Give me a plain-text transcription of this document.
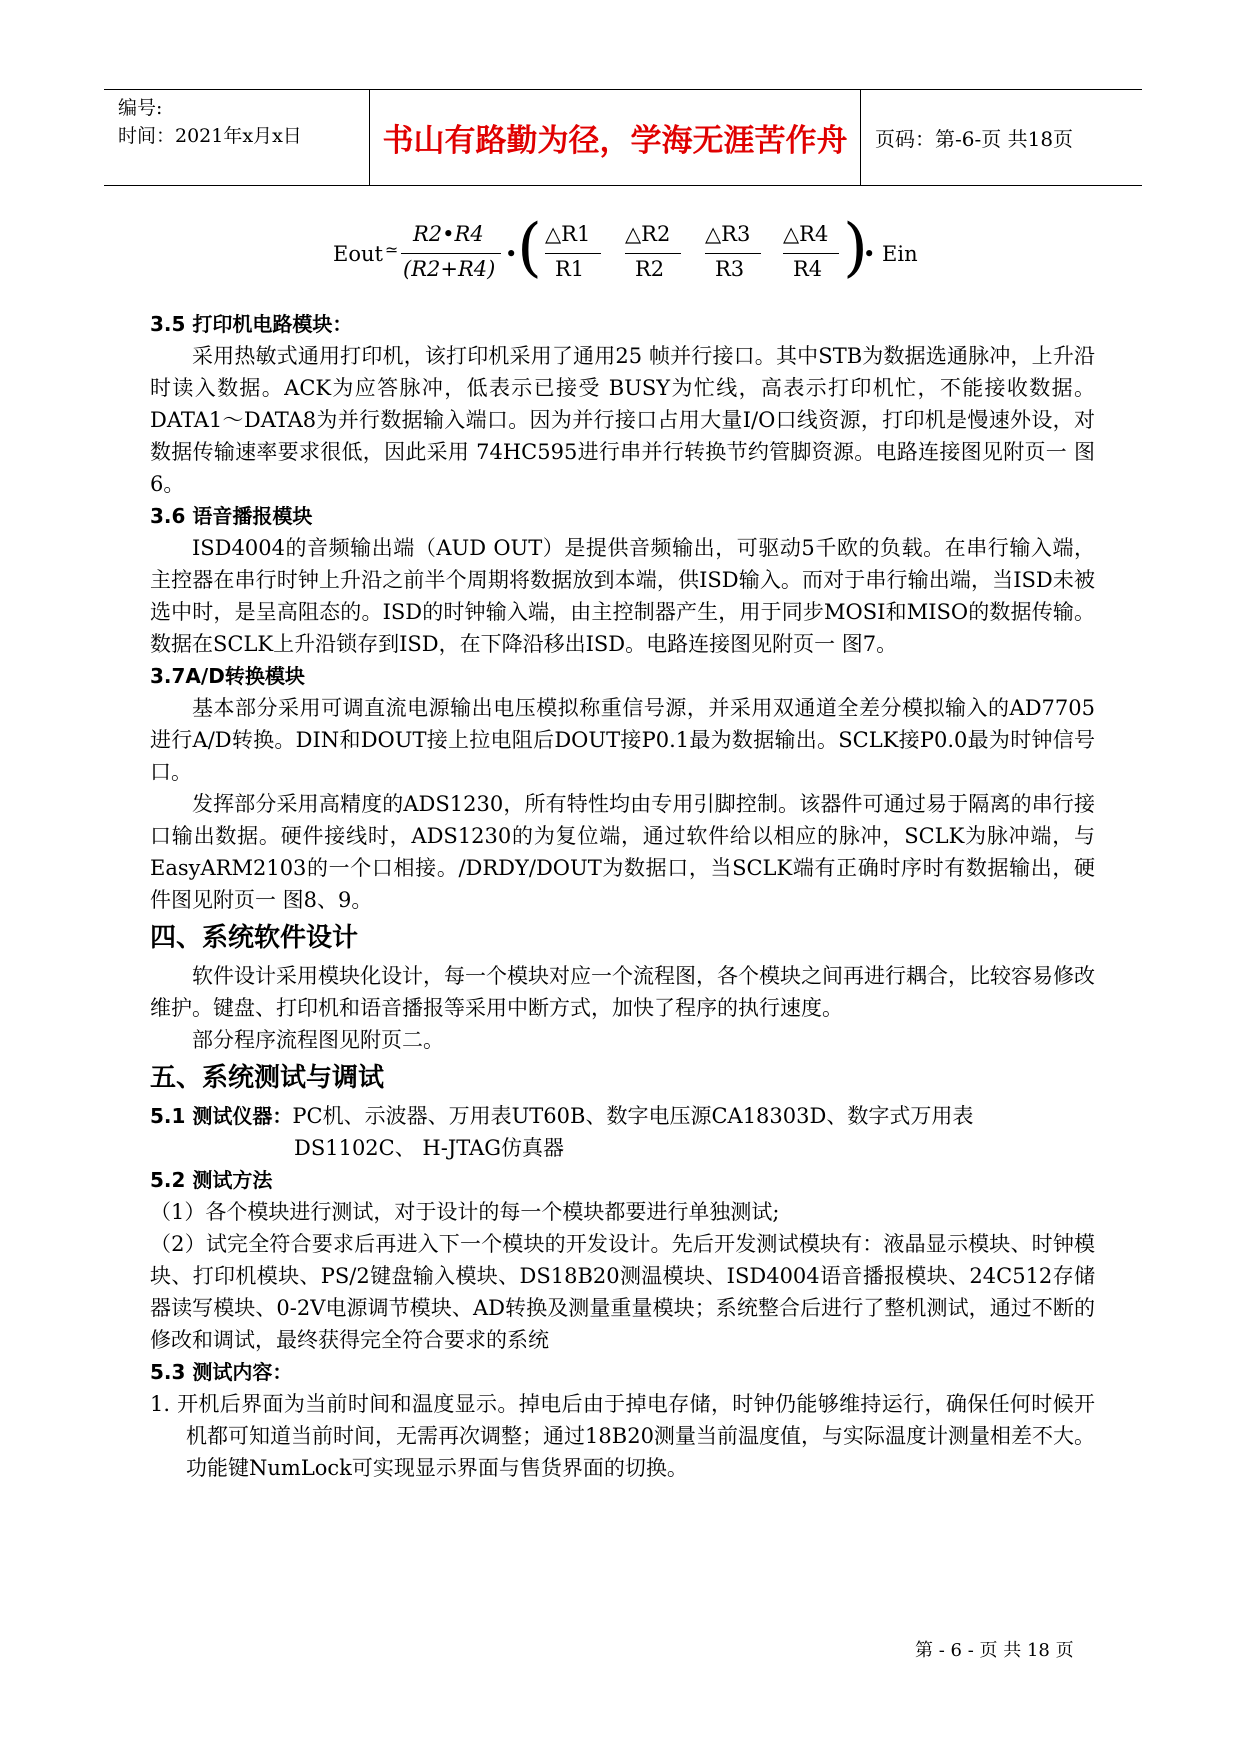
编号:
时间：2021年x月x日	书山有路勤为径，学海无涯苦作舟	页码：第-6-页 共18页
Eout ≃
R2•R4
(R2+R4)
• ( △R1
R1
△R2
R2
△R3
R3
△R4
R4 )
• Ein

3.5 打印机电路模块：

采用热敏式通用打印机，该打印机采用了通用25 帧并行接口。其中STB为数据选通脉冲，上升沿时读入数据。ACK为应答脉冲，低表示已接受 BUSY为忙线，高表示打印机忙，不能接收数据。DATA1～DATA8为并行数据输入端口。因为并行接口占用大量I/O口线资源，打印机是慢速外设，对数据传输速率要求很低，因此采用 74HC595进行串并行转换节约管脚资源。电路连接图见附页一 图6。

3.6 语音播报模块

ISD4004的音频输出端（AUD OUT）是提供音频输出，可驱动5千欧的负载。在串行输入端，主控器在串行时钟上升沿之前半个周期将数据放到本端，供ISD输入。而对于串行输出端，当ISD未被选中时，是呈高阻态的。ISD的时钟输入端，由主控制器产生，用于同步MOSI和MISO的数据传输。数据在SCLK上升沿锁存到ISD，在下降沿移出ISD。电路连接图见附页一 图7。

3.7A/D转换模块

基本部分采用可调直流电源输出电压模拟称重信号源，并采用双通道全差分模拟输入的AD7705进行A/D转换。DIN和DOUT接上拉电阻后DOUT接P0.1最为数据输出。SCLK接P0.0最为时钟信号口。

发挥部分采用高精度的ADS1230，所有特性均由专用引脚控制。该器件可通过易于隔离的串行接口输出数据。硬件接线时，ADS1230的为复位端，通过软件给以相应的脉冲，SCLK为脉冲端，与EasyARM2103的一个口相接。/DRDY/DOUT为数据口，当SCLK端有正确时序时有数据输出，硬件图见附页一 图8、9。

四、系统软件设计

软件设计采用模块化设计，每一个模块对应一个流程图，各个模块之间再进行耦合，比较容易修改维护。键盘、打印机和语音播报等采用中断方式，加快了程序的执行速度。

部分程序流程图见附页二。

五、系统测试与调试

5.1 测试仪器：PC机、示波器、万用表UT60B、数字电压源CA18303D、数字式万用表

DS1102C、 H-JTAG仿真器

5.2 测试方法

（1）各个模块进行测试，对于设计的每一个模块都要进行单独测试;

（2）试完全符合要求后再进入下一个模块的开发设计。先后开发测试模块有：液晶显示模块、时钟模块、打印机模块、PS/2键盘输入模块、DS18B20测温模块、ISD4004语音播报模块、24C512存储器读写模块、0-2V电源调节模块、AD转换及测量重量模块；系统整合后进行了整机测试，通过不断的修改和调试，最终获得完全符合要求的系统

5.3 测试内容：

1. 开机后界面为当前时间和温度显示。掉电后由于掉电存储，时钟仍能够维持运行，确保任何时候开机都可知道当前时间，无需再次调整；通过18B20测量当前温度值，与实际温度计测量相差不大。功能键NumLock可实现显示界面与售货界面的切换。

第 - 6 - 页 共 18 页
